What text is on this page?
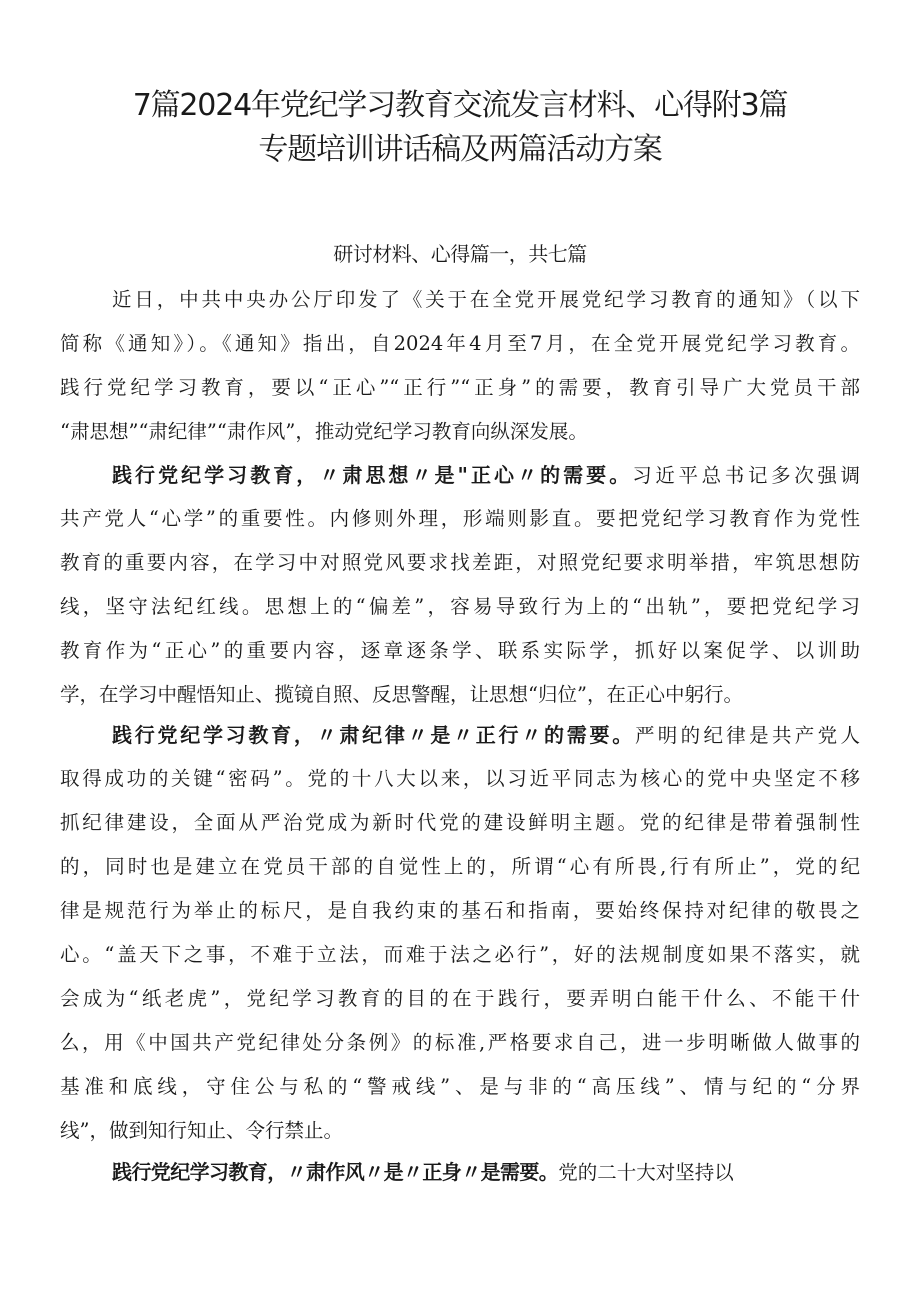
7篇2024年党纪学习教育交流发言材料、心得附3篇
专题培训讲话稿及两篇活动方案
研讨材料、心得篇一，共七篇
近日，中共中央办公厅印发了《关于在全党开展党纪学习教育的通知》（以下
简称《通知》）。《通知》指出，自2024年4月至7月，在全党开展党纪学习教育。
践行党纪学习教育，要以“正心”“正行”“正身”的需要，教育引导广大党员干部
“肃思想”“肃纪律”“肃作风”，推动党纪学习教育向纵深发展。
践行党纪学习教育，〃肃思想〃是"正心〃的需要。习近平总书记多次强调
共产党人“心学”的重要性。内修则外理，形端则影直。要把党纪学习教育作为党性
教育的重要内容，在学习中对照党风要求找差距，对照党纪要求明举措，牢筑思想防
线，坚守法纪红线。思想上的“偏差”，容易导致行为上的“出轨”，要把党纪学习
教育作为“正心”的重要内容，逐章逐条学、联系实际学，抓好以案促学、以训助
学，在学习中醒悟知止、揽镜自照、反思警醒，让思想“归位”，在正心中躬行。
践行党纪学习教育，〃肃纪律〃是〃正行〃的需要。严明的纪律是共产党人
取得成功的关键“密码”。党的十八大以来，以习近平同志为核心的党中央坚定不移
抓纪律建设，全面从严治党成为新时代党的建设鲜明主题。党的纪律是带着强制性
的，同时也是建立在党员干部的自觉性上的，所谓“心有所畏,行有所止”，党的纪
律是规范行为举止的标尺，是自我约束的基石和指南，要始终保持对纪律的敬畏之
心。“盖天下之事，不难于立法，而难于法之必行”，好的法规制度如果不落实，就
会成为“纸老虎”，党纪学习教育的目的在于践行，要弄明白能干什么、不能干什
么，用《中国共产党纪律处分条例》的标准,严格要求自己，进一步明晰做人做事的
基准和底线，守住公与私的“警戒线”、是与非的“高压线”、情与纪的“分界
线”，做到知行知止、令行禁止。
践行党纪学习教育，〃肃作风〃是〃正身〃是需要。党的二十大对坚持以
